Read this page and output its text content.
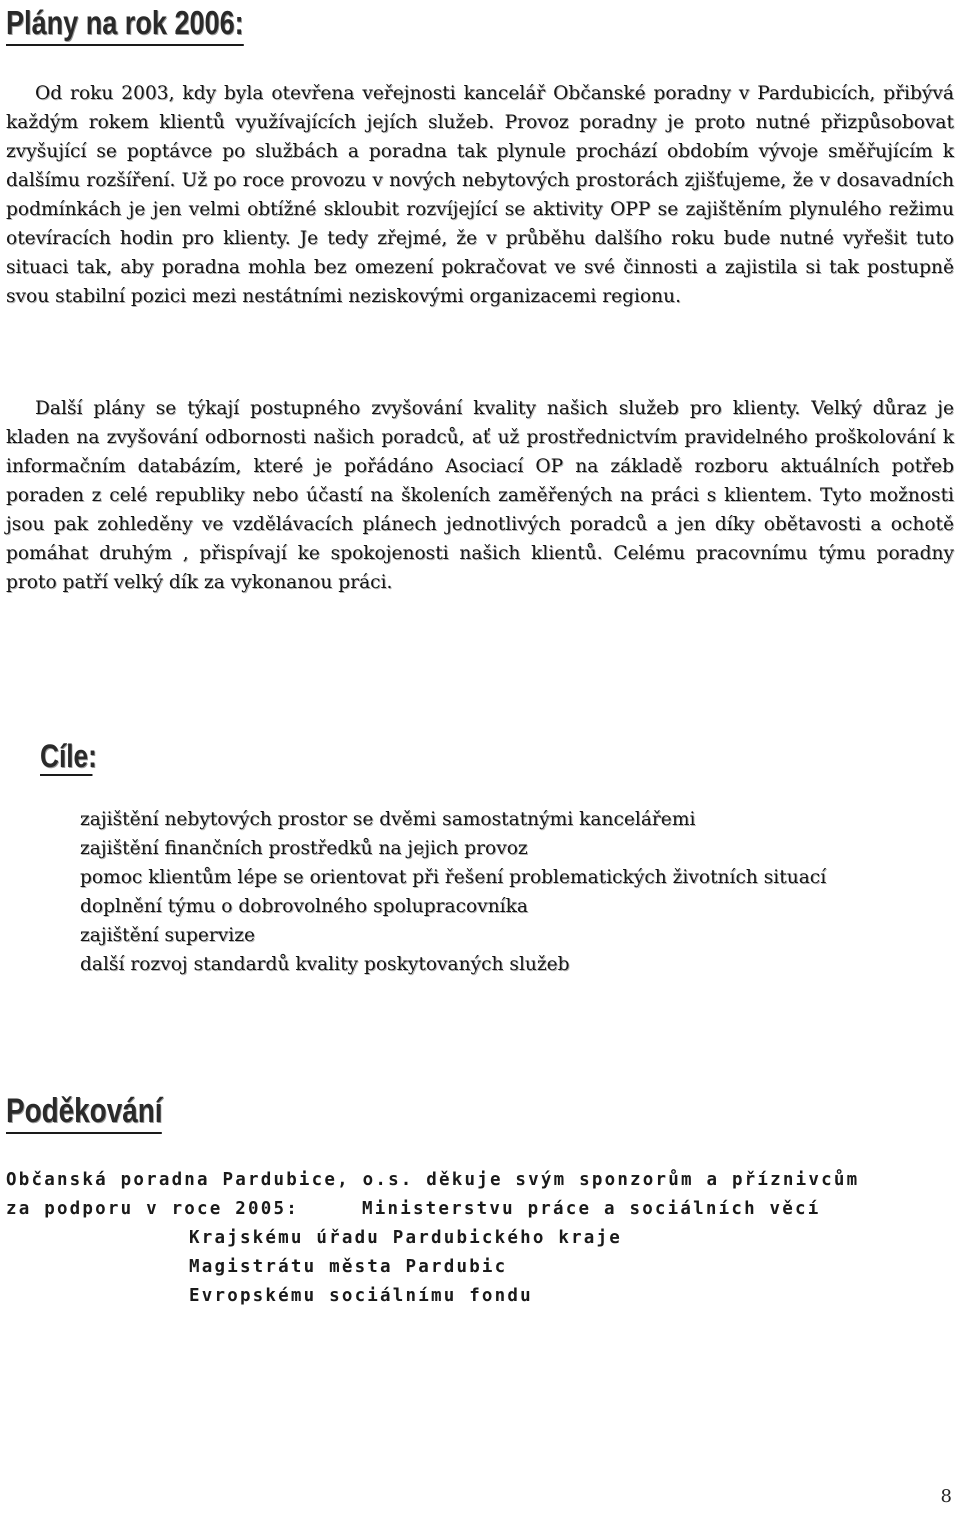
Plány na rok 2006:

Od roku 2003, kdy byla otevřena veřejnosti kancelář Občanské poradny v Pardubicích, přibývá každým rokem klientů využívajících jejích služeb. Provoz poradny je proto nutné přizpůsobovat zvyšující se poptávce po službách a poradna tak plynule prochází obdobím vývoje směřujícím k dalšímu rozšíření. Už po roce provozu v nových nebytových prostorách zjišťujeme, že v dosavadních podmínkách je jen velmi obtížné skloubit rozvíjející se aktivity OPP se zajištěním plynulého režimu otevíracích hodin pro klienty. Je tedy zřejmé, že v průběhu dalšího roku bude nutné vyřešit tuto situaci tak, aby poradna mohla bez omezení pokračovat ve své činnosti a zajistila si tak postupně svou stabilní pozici mezi nestátními neziskovými organizacemi regionu.

Další plány se týkají postupného zvyšování kvality našich služeb pro klienty. Velký důraz je kladen na zvyšování odbornosti našich poradců, ať už prostřednictvím pravidelného proškolování k informačním databázím, které je pořádáno Asociací OP na základě rozboru aktuálních potřeb poraden z celé republiky nebo účastí na školeních zaměřených na práci s klientem. Tyto možnosti jsou pak zohleděny ve vzdělávacích plánech jednotlivých poradců a jen díky obětavosti a ochotě pomáhat druhým , přispívají ke spokojenosti našich klientů. Celému pracovnímu týmu poradny proto patří velký dík za vykonanou práci.

Cíle:
zajištění nebytových prostor se dvěmi samostatnými kancelářemi
zajištění finančních prostředků na jejich provoz
pomoc klientům lépe se orientovat při řešení problematických životních situací
doplnění týmu o dobrovolného spolupracovníka
zajištění supervize
další rozvoj standardů kvality poskytovaných služeb
Poděkování

Občanská poradna Pardubice, o.s. děkuje svým sponzorům a příznivcům

za podporu v roce 2005:	Ministerstvu práce a sociálních věcí

Krajskému úřadu Pardubického kraje

Magistrátu města Pardubic

Evropskému sociálnímu fondu

8
